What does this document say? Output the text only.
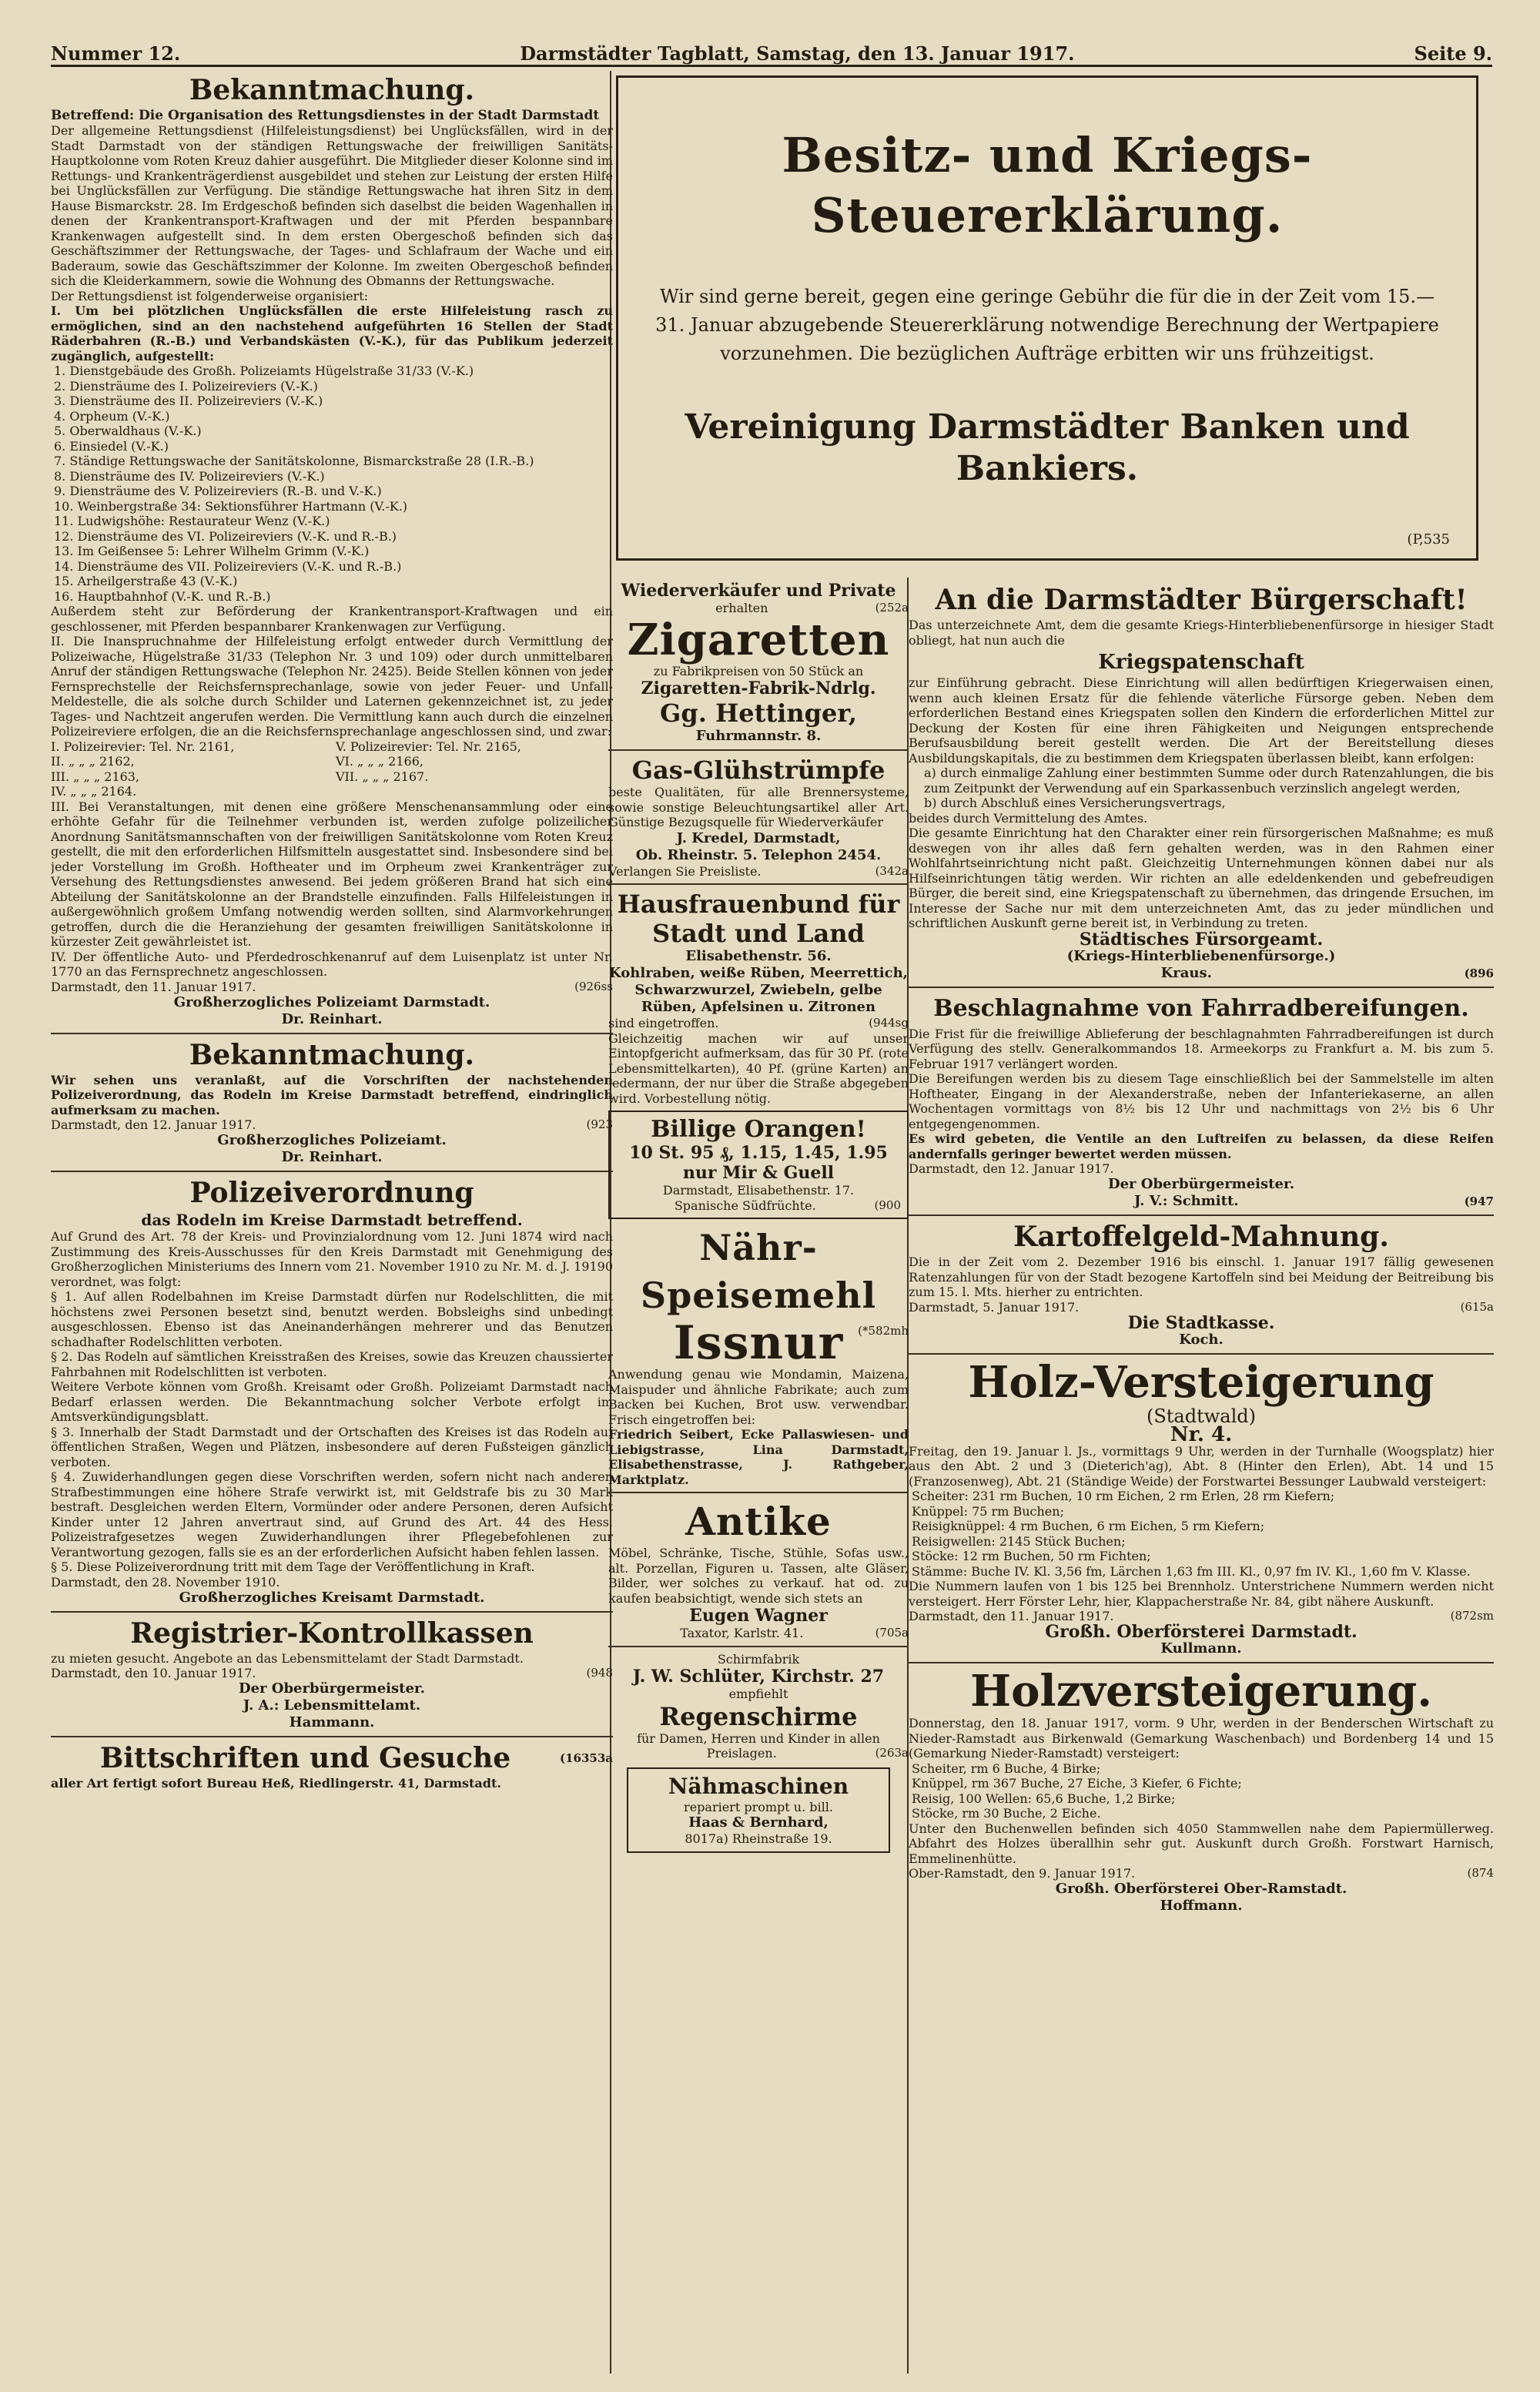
Nummer 12.	Darmstädter Tagblatt, Samstag, den 13. Januar 1917.	Seite 9.
Besitz- und Kriegs-Steuererklärung.
Wir sind gerne bereit, gegen eine geringe Gebühr die für die in der Zeit vom 15.—31. Januar abzugebende Steuererklärung notwendige Berechnung der Wertpapiere vorzunehmen. Die bezüglichen Aufträge erbitten wir uns frühzeitigst.
Vereinigung Darmstädter Banken und Bankiers.
(P,535
Bekanntmachung.
Betreffend: Die Organisation des Rettungsdienstes in der Stadt Darmstadt

Der allgemeine Rettungsdienst (Hilfeleistungsdienst) bei Unglücksfällen, wird in der Stadt Darmstadt von der ständigen Rettungswache der freiwilligen Sanitäts-Hauptkolonne vom Roten Kreuz dahier ausgeführt. Die Mitglieder dieser Kolonne sind im Rettungs- und Krankenträgerdienst ausgebildet und stehen zur Leistung der ersten Hilfe bei Unglücksfällen zur Verfügung. Die ständige Rettungswache hat ihren Sitz in dem Hause Bismarckstr. 28. Im Erdgeschoß befinden sich daselbst die beiden Wagenhallen in denen der Krankentransport-Kraftwagen und der mit Pferden bespannbare Krankenwagen aufgestellt sind. In dem ersten Obergeschoß befinden sich das Geschäftszimmer der Rettungswache, der Tages- und Schlafraum der Wache und ein Baderaum, sowie das Geschäftszimmer der Kolonne. Im zweiten Obergeschoß befinden sich die Kleiderkammern, sowie die Wohnung des Obmanns der Rettungswache.

Der Rettungsdienst ist folgenderweise organisiert:

I. Um bei plötzlichen Unglücksfällen die erste Hilfeleistung rasch zu ermöglichen, sind an den nachstehend aufgeführten 16 Stellen der Stadt Räderbahren (R.-B.) und Verbandskästen (V.-K.), für das Publikum jederzeit zugänglich, aufgestellt:

1. Dienstgebäude des Großh. Polizeiamts Hügelstraße 31/33 (V.-K.)
2. Diensträume des I. Polizeireviers (V.-K.)
3. Diensträume des II. Polizeireviers (V.-K.)
4. Orpheum (V.-K.)
5. Oberwaldhaus (V.-K.)
6. Einsiedel (V.-K.)
7. Ständige Rettungswache der Sanitätskolonne, Bismarckstraße 28 (I.R.-B.)
8. Diensträume des IV. Polizeireviers (V.-K.)
9. Diensträume des V. Polizeireviers (R.-B. und V.-K.)
10. Weinbergstraße 34: Sektionsführer Hartmann (V.-K.)
11. Ludwigshöhe: Restaurateur Wenz (V.-K.)
12. Diensträume des VI. Polizeireviers (V.-K. und R.-B.)
13. Im Geißensee 5: Lehrer Wilhelm Grimm (V.-K.)
14. Diensträume des VII. Polizeireviers (V.-K. und R.-B.)
15. Arheilgerstraße 43 (V.-K.)
16. Hauptbahnhof (V.-K. und R.-B.)

Außerdem steht zur Beförderung der Krankentransport-Kraftwagen und ein geschlossener, mit Pferden bespannbarer Krankenwagen zur Verfügung.

II. Die Inanspruchnahme der Hilfeleistung erfolgt entweder durch Vermittlung der Polizeiwache, Hügelstraße 31/33 (Telephon Nr. 3 und 109) oder durch unmittelbaren Anruf der ständigen Rettungswache (Telephon Nr. 2425). Beide Stellen können von jeder Fernsprechstelle der Reichsfernsprechanlage, sowie von jeder Feuer- und Unfall-Meldestelle, die als solche durch Schilder und Laternen gekennzeichnet ist, zu jeder Tages- und Nachtzeit angerufen werden. Die Vermittlung kann auch durch die einzelnen Polizeireviere erfolgen, die an die Reichsfernsprechanlage angeschlossen sind, und zwar:

I. Polizeirevier: Tel. Nr. 2161,	V. Polizeirevier: Tel. Nr. 2165,
II. „ „ „ 2162,	VI. „ „ „ 2166,
III. „ „ „ 2163,	VII. „ „ „ 2167.
IV. „ „ „ 2164.

III. Bei Veranstaltungen, mit denen eine größere Menschenansammlung oder eine erhöhte Gefahr für die Teilnehmer verbunden ist, werden zufolge polizeilicher Anordnung Sanitätsmannschaften von der freiwilligen Sanitätskolonne vom Roten Kreuz gestellt, die mit den erforderlichen Hilfsmitteln ausgestattet sind. Insbesondere sind bei jeder Vorstellung im Großh. Hoftheater und im Orpheum zwei Krankenträger zur Versehung des Rettungsdienstes anwesend. Bei jedem größeren Brand hat sich eine Abteilung der Sanitätskolonne an der Brandstelle einzufinden. Falls Hilfeleistungen in außergewöhnlich großem Umfang notwendig werden sollten, sind Alarmvorkehrungen getroffen, durch die die Heranziehung der gesamten freiwilligen Sanitätskolonne in kürzester Zeit gewährleistet ist.

IV. Der öffentliche Auto- und Pferdedroschkenanruf auf dem Luisenplatz ist unter Nr. 1770 an das Fernsprechnetz angeschlossen.

Darmstadt, den 11. Januar 1917.	(926ss
Großherzogliches Polizeiamt Darmstadt.
Dr. Reinhart.
Bekanntmachung.

Wir sehen uns veranlaßt, auf die Vorschriften der nachstehenden Polizeiverordnung, das Rodeln im Kreise Darmstadt betreffend, eindringlich aufmerksam zu machen.

Darmstadt, den 12. Januar 1917.	(923
Großherzogliches Polizeiamt.
Dr. Reinhart.
Polizeiverordnung
das Rodeln im Kreise Darmstadt betreffend.

Auf Grund des Art. 78 der Kreis- und Provinzialordnung vom 12. Juni 1874 wird nach Zustimmung des Kreis-Ausschusses für den Kreis Darmstadt mit Genehmigung des Großherzoglichen Ministeriums des Innern vom 21. November 1910 zu Nr. M. d. J. 19190 verordnet, was folgt:

§ 1. Auf allen Rodelbahnen im Kreise Darmstadt dürfen nur Rodelschlitten, die mit höchstens zwei Personen besetzt sind, benutzt werden. Bobsleighs sind unbedingt ausgeschlossen. Ebenso ist das Aneinanderhängen mehrerer und das Benutzen schadhafter Rodelschlitten verboten.

§ 2. Das Rodeln auf sämtlichen Kreisstraßen des Kreises, sowie das Kreuzen chaussierter Fahrbahnen mit Rodelschlitten ist verboten.

Weitere Verbote können vom Großh. Kreisamt oder Großh. Polizeiamt Darmstadt nach Bedarf erlassen werden. Die Bekanntmachung solcher Verbote erfolgt im Amtsverkündigungsblatt.

§ 3. Innerhalb der Stadt Darmstadt und der Ortschaften des Kreises ist das Rodeln auf öffentlichen Straßen, Wegen und Plätzen, insbesondere auf deren Fußsteigen gänzlich verboten.

§ 4. Zuwiderhandlungen gegen diese Vorschriften werden, sofern nicht nach anderen Strafbestimmungen eine höhere Strafe verwirkt ist, mit Geldstrafe bis zu 30 Mark bestraft. Desgleichen werden Eltern, Vormünder oder andere Personen, deren Aufsicht Kinder unter 12 Jahren anvertraut sind, auf Grund des Art. 44 des Hess. Polizeistrafgesetzes wegen Zuwiderhandlungen ihrer Pflegebefohlenen zur Verantwortung gezogen, falls sie es an der erforderlichen Aufsicht haben fehlen lassen.

§ 5. Diese Polizeiverordnung tritt mit dem Tage der Veröffentlichung in Kraft.

Darmstadt, den 28. November 1910.
Großherzogliches Kreisamt Darmstadt.
Registrier-Kontrollkassen

zu mieten gesucht. Angebote an das Lebensmittelamt der Stadt Darmstadt.

Darmstadt, den 10. Januar 1917.	(948
Der Oberbürgermeister.
J. A.: Lebensmittelamt.
Hammann.
Bittschriften und Gesuche	(16353a

aller Art fertigt sofort Bureau Heß, Riedlingerstr. 41, Darmstadt.

Wiederverkäufer und Private
erhalten	(252a
Zigaretten
zu Fabrikpreisen von 50 Stück an
Zigaretten-Fabrik-Ndrlg.
Gg. Hettinger,
Fuhrmannstr. 8.
Gas-Glühstrümpfe

beste Qualitäten, für alle Brennersysteme, sowie sonstige Beleuchtungsartikel aller Art. Günstige Bezugsquelle für Wiederverkäufer

J. Kredel, Darmstadt,
Ob. Rheinstr. 5. Telephon 2454.
Verlangen Sie Preisliste.	(342a
Hausfrauenbund für Stadt und Land
Elisabethenstr. 56.
Kohlraben, weiße Rüben, Meerrettich, Schwarzwurzel, Zwiebeln, gelbe Rüben, Apfelsinen u. Zitronen
sind eingetroffen.	(944sg

Gleichzeitig machen wir auf unser Eintopfgericht aufmerksam, das für 30 Pf. (rote Lebensmittelkarten), 40 Pf. (grüne Karten) an jedermann, der nur über die Straße abgegeben wird. Vorbestellung nötig.

Billige Orangen!
10 St. 95 ₰, 1.15, 1.45, 1.95
nur Mir & Guell
Darmstadt, Elisabethenstr. 17.
Spanische Südfrüchte.	(900
Nähr-Speisemehl
Issnur	(*582mh

Anwendung genau wie Mondamin, Maizena, Maispuder und ähnliche Fabrikate; auch zum Backen bei Kuchen, Brot usw. verwendbar. Frisch eingetroffen bei:

Friedrich Seibert, Ecke Pallaswiesen- und Liebigstrasse, Lina Darmstadt, Elisabethenstrasse, J. Rathgeber, Marktplatz.

Antike

Möbel, Schränke, Tische, Stühle, Sofas usw., alt. Porzellan, Figuren u. Tassen, alte Gläser, Bilder, wer solches zu verkauf. hat od. zu kaufen beabsichtigt, wende sich stets an

Eugen Wagner
Taxator, Karlstr. 41.	(705a
Schirmfabrik
J. W. Schlüter, Kirchstr. 27
empfiehlt
Regenschirme
für Damen, Herren und Kinder in allen Preislagen.	(263a
Nähmaschinen
repariert prompt u. bill.
Haas & Bernhard,
8017a) Rheinstraße 19.
An die Darmstädter Bürgerschaft!

Das unterzeichnete Amt, dem die gesamte Kriegs-Hinterbliebenenfürsorge in hiesiger Stadt obliegt, hat nun auch die

Kriegspatenschaft

zur Einführung gebracht. Diese Einrichtung will allen bedürftigen Kriegerwaisen einen, wenn auch kleinen Ersatz für die fehlende väterliche Fürsorge geben. Neben dem erforderlichen Bestand eines Kriegspaten sollen den Kindern die erforderlichen Mittel zur Deckung der Kosten für eine ihren Fähigkeiten und Neigungen entsprechende Berufsausbildung bereit gestellt werden. Die Art der Bereitstellung dieses Ausbildungskapitals, die zu bestimmen dem Kriegspaten überlassen bleibt, kann erfolgen:

a) durch einmalige Zahlung einer bestimmten Summe oder durch Ratenzahlungen, die bis zum Zeitpunkt der Verwendung auf ein Sparkassenbuch verzinslich angelegt werden,

b) durch Abschluß eines Versicherungsvertrags,

beides durch Vermittelung des Amtes.

Die gesamte Einrichtung hat den Charakter einer rein fürsorgerischen Maßnahme; es muß deswegen von ihr alles daß fern gehalten werden, was in den Rahmen einer Wohlfahrtseinrichtung nicht paßt. Gleichzeitig Unternehmungen können dabei nur als Hilfseinrichtungen tätig werden. Wir richten an alle edeldenkenden und gebefreudigen Bürger, die bereit sind, eine Kriegspatenschaft zu übernehmen, das dringende Ersuchen, im Interesse der Sache nur mit dem unterzeichneten Amt, das zu jeder mündlichen und schriftlichen Auskunft gerne bereit ist, in Verbindung zu treten.

Städtisches Fürsorgeamt.
(Kriegs-Hinterbliebenenfürsorge.)
Kraus.	(896
Beschlagnahme von Fahrradbereifungen.

Die Frist für die freiwillige Ablieferung der beschlagnahmten Fahrradbereifungen ist durch Verfügung des stellv. Generalkommandos 18. Armeekorps zu Frankfurt a. M. bis zum 5. Februar 1917 verlängert worden.

Die Bereifungen werden bis zu diesem Tage einschließlich bei der Sammelstelle im alten Hoftheater, Eingang in der Alexanderstraße, neben der Infanteriekaserne, an allen Wochentagen vormittags von 8½ bis 12 Uhr und nachmittags von 2½ bis 6 Uhr entgegengenommen.

Es wird gebeten, die Ventile an den Luftreifen zu belassen, da diese Reifen andernfalls geringer bewertet werden müssen.

Darmstadt, den 12. Januar 1917.
Der Oberbürgermeister.
J. V.: Schmitt.	(947
Kartoffelgeld-Mahnung.

Die in der Zeit vom 2. Dezember 1916 bis einschl. 1. Januar 1917 fällig gewesenen Ratenzahlungen für von der Stadt bezogene Kartoffeln sind bei Meidung der Beitreibung bis zum 15. l. Mts. hierher zu entrichten.

Darmstadt, 5. Januar 1917.	(615a
Die Stadtkasse.
Koch.
Holz-Versteigerung
(Stadtwald)
Nr. 4.

Freitag, den 19. Januar l. Js., vormittags 9 Uhr, werden in der Turnhalle (Woogsplatz) hier aus den Abt. 2 und 3 (Dieterich'ag), Abt. 8 (Hinter den Erlen), Abt. 14 und 15 (Franzosenweg), Abt. 21 (Ständige Weide) der Forstwartei Bessunger Laubwald versteigert:

Scheiter: 231 rm Buchen, 10 rm Eichen, 2 rm Erlen, 28 rm Kiefern;
Knüppel: 75 rm Buchen;
Reisigknüppel: 4 rm Buchen, 6 rm Eichen, 5 rm Kiefern;
Reisigwellen: 2145 Stück Buchen;
Stöcke: 12 rm Buchen, 50 rm Fichten;
Stämme: Buche IV. Kl. 3,56 fm, Lärchen 1,63 fm III. Kl., 0,97 fm IV. Kl., 1,60 fm V. Klasse.

Die Nummern laufen von 1 bis 125 bei Brennholz. Unterstrichene Nummern werden nicht versteigert. Herr Förster Lehr, hier, Klappacherstraße Nr. 84, gibt nähere Auskunft.

Darmstadt, den 11. Januar 1917.	(872sm
Großh. Oberförsterei Darmstadt.
Kullmann.
Holzversteigerung.

Donnerstag, den 18. Januar 1917, vorm. 9 Uhr, werden in der Benderschen Wirtschaft zu Nieder-Ramstadt aus Birkenwald (Gemarkung Waschenbach) und Bordenberg 14 und 15 (Gemarkung Nieder-Ramstadt) versteigert:

Scheiter, rm 6 Buche, 4 Birke;
Knüppel, rm 367 Buche, 27 Eiche, 3 Kiefer, 6 Fichte;
Reisig, 100 Wellen: 65,6 Buche, 1,2 Birke;
Stöcke, rm 30 Buche, 2 Eiche.

Unter den Buchenwellen befinden sich 4050 Stammwellen nahe dem Papiermüllerweg. Abfahrt des Holzes überallhin sehr gut. Auskunft durch Großh. Forstwart Harnisch, Emmelinenhütte.

Ober-Ramstadt, den 9. Januar 1917.	(874
Großh. Oberförsterei Ober-Ramstadt.
Hoffmann.
